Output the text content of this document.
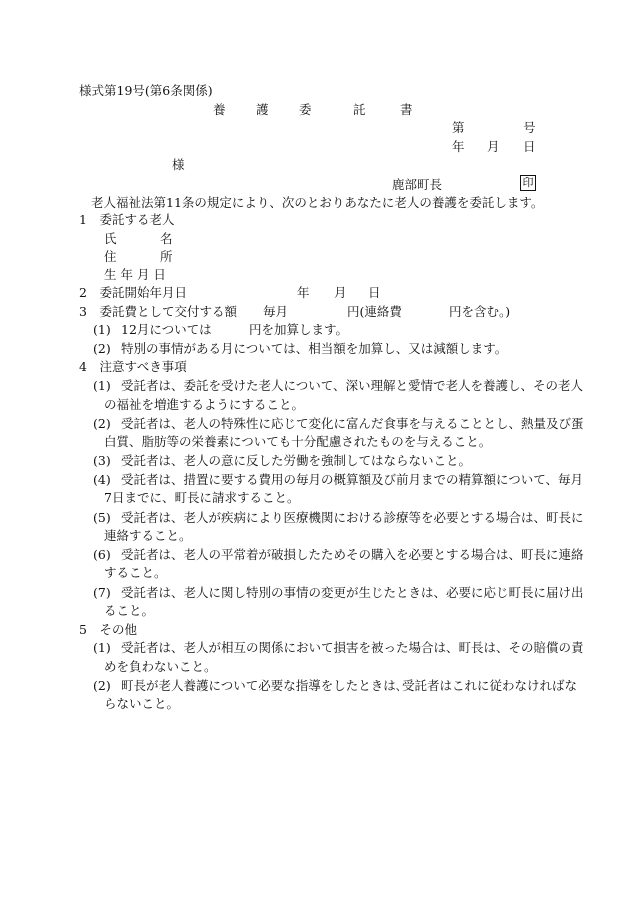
様式第19号(第6条関係)
養 護 委	託	書
第	号
年 月 日
様
鹿部町長	印
老人福祉法第11条の規定により、次のとおりあなたに老人の養護を委託します。
1　委託する老人
氏	名
住	所
生 年 月 日
2　委託開始年月日	年 月 日
3　委託費として交付する額 毎月	円(連絡費	円を含む。)
(1) 12月については	円を加算します。
(2) 特別の事情がある月については、相当額を加算し、又は減額します。
4　注意すべき事項
(1) 受託者は、委託を受けた老人について、深い理解と愛情で老人を養護し、その老人
の福祉を増進するようにすること。
(2) 受託者は、老人の特殊性に応じて変化に富んだ食事を与えることとし、熱量及び蛋
白質、脂肪等の栄養素についても十分配慮されたものを与えること。
(3) 受託者は、老人の意に反した労働を強制してはならないこと。
(4) 受託者は、措置に要する費用の毎月の概算額及び前月までの精算額について、毎月
7日までに、町長に請求すること。
(5) 受託者は、老人が疾病により医療機関における診療等を必要とする場合は、町長に
連絡すること。
(6) 受託者は、老人の平常着が破損したためその購入を必要とする場合は、町長に連絡
すること。
(7) 受託者は、老人に関し特別の事情の変更が生じたときは、必要に応じ町長に届け出
ること。
5　その他
(1) 受託者は、老人が相互の関係において損害を被った場合は、町長は、その賠償の責
めを負わないこと。
(2) 町長が老人養護について必要な指導をしたときは､受託者はこれに従わなければな
らないこと。
